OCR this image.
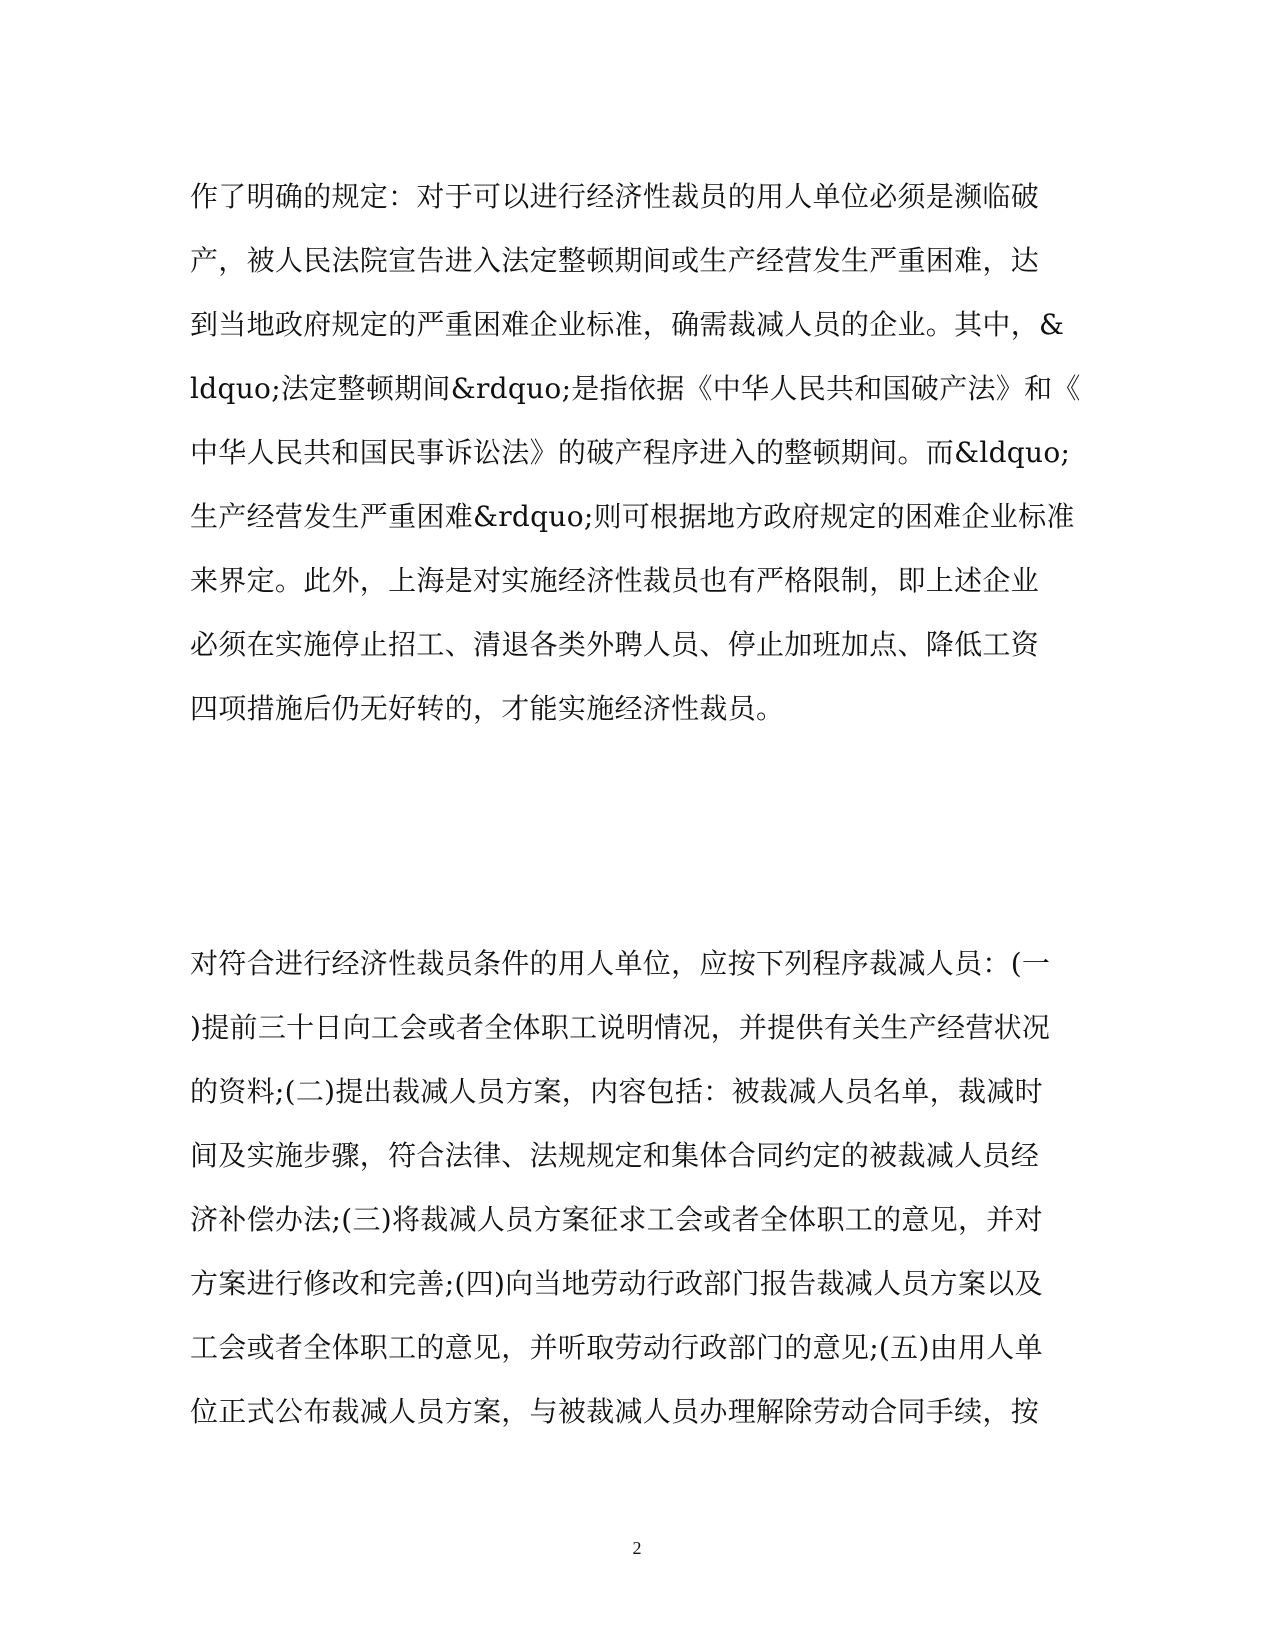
作了明确的规定：对于可以进行经济性裁员的用人单位必须是濒临破
产，被人民法院宣告进入法定整顿期间或生产经营发生严重困难，达
到当地政府规定的严重困难企业标准，确需裁减人员的企业。其中，&
ldquo;法定整顿期间&rdquo;是指依据《中华人民共和国破产法》和《
中华人民共和国民事诉讼法》的破产程序进入的整顿期间。而&ldquo;
生产经营发生严重困难&rdquo;则可根据地方政府规定的困难企业标准
来界定。此外，上海是对实施经济性裁员也有严格限制，即上述企业
必须在实施停止招工、清退各类外聘人员、停止加班加点、降低工资
四项措施后仍无好转的，才能实施经济性裁员。
对符合进行经济性裁员条件的用人单位，应按下列程序裁减人员：(一
)提前三十日向工会或者全体职工说明情况，并提供有关生产经营状况
的资料;(二)提出裁减人员方案，内容包括：被裁减人员名单，裁减时
间及实施步骤，符合法律、法规规定和集体合同约定的被裁减人员经
济补偿办法;(三)将裁减人员方案征求工会或者全体职工的意见，并对
方案进行修改和完善;(四)向当地劳动行政部门报告裁减人员方案以及
工会或者全体职工的意见，并听取劳动行政部门的意见;(五)由用人单
位正式公布裁减人员方案，与被裁减人员办理解除劳动合同手续，按
2
